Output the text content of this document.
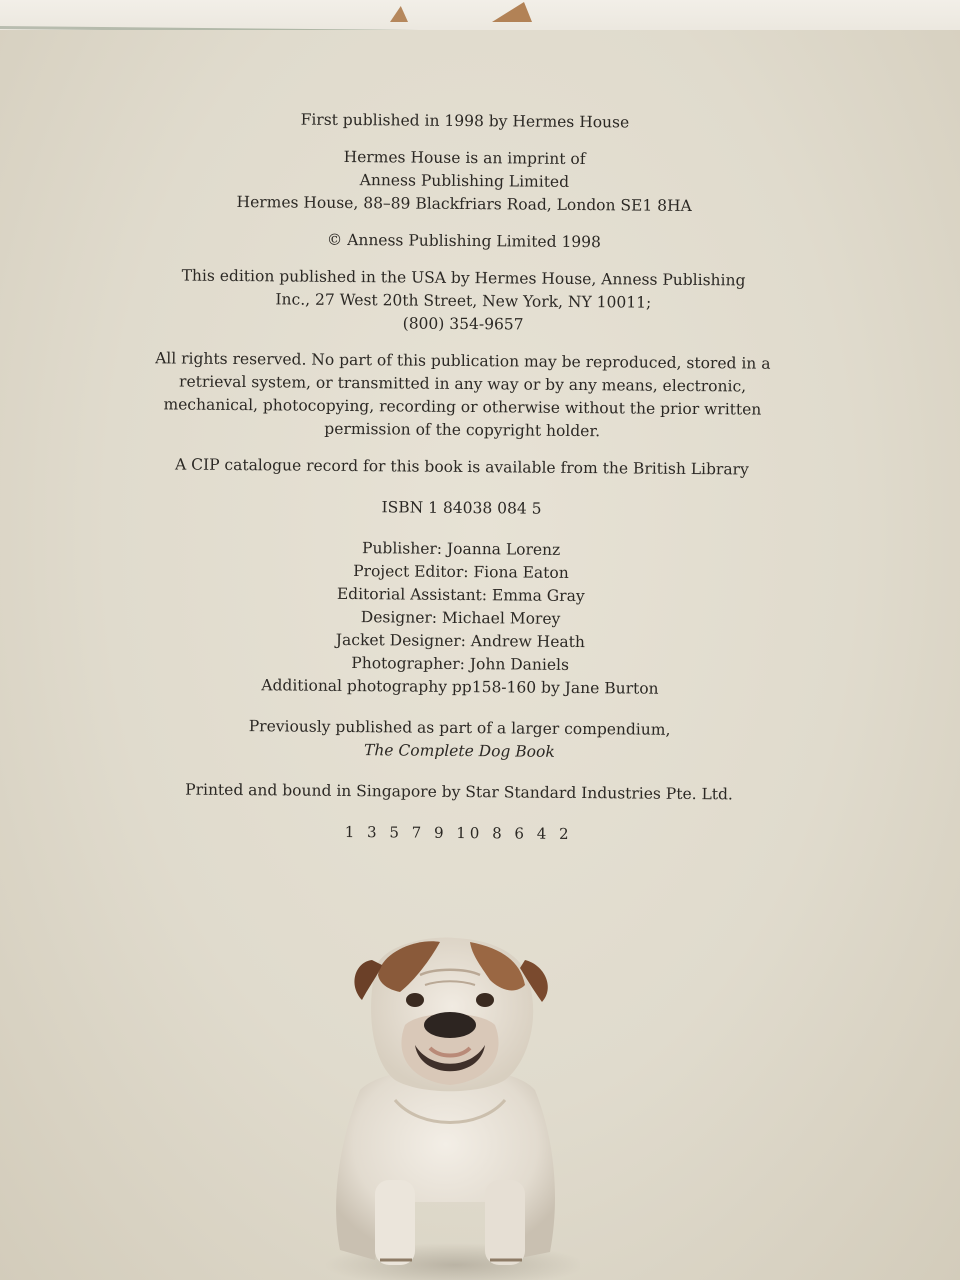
First published in 1998 by Hermes House
Hermes House is an imprint of
Anness Publishing Limited
Hermes House, 88–89 Blackfriars Road, London SE1 8HA
© Anness Publishing Limited 1998
This edition published in the USA by Hermes House, Anness Publishing
Inc., 27 West 20th Street, New York, NY 10011;
(800) 354-9657
All rights reserved. No part of this publication may be reproduced, stored in a
retrieval system, or transmitted in any way or by any means, electronic,
mechanical, photocopying, recording or otherwise without the prior written
permission of the copyright holder.
A CIP catalogue record for this book is available from the British Library
ISBN 1 84038 084 5
Publisher: Joanna Lorenz
Project Editor: Fiona Eaton
Editorial Assistant: Emma Gray
Designer: Michael Morey
Jacket Designer: Andrew Heath
Photographer: John Daniels
Additional photography pp158-160 by Jane Burton
Previously published as part of a larger compendium,
The Complete Dog Book
Printed and bound in Singapore by Star Standard Industries Pte. Ltd.
1 3 5 7 9 10 8 6 4 2
